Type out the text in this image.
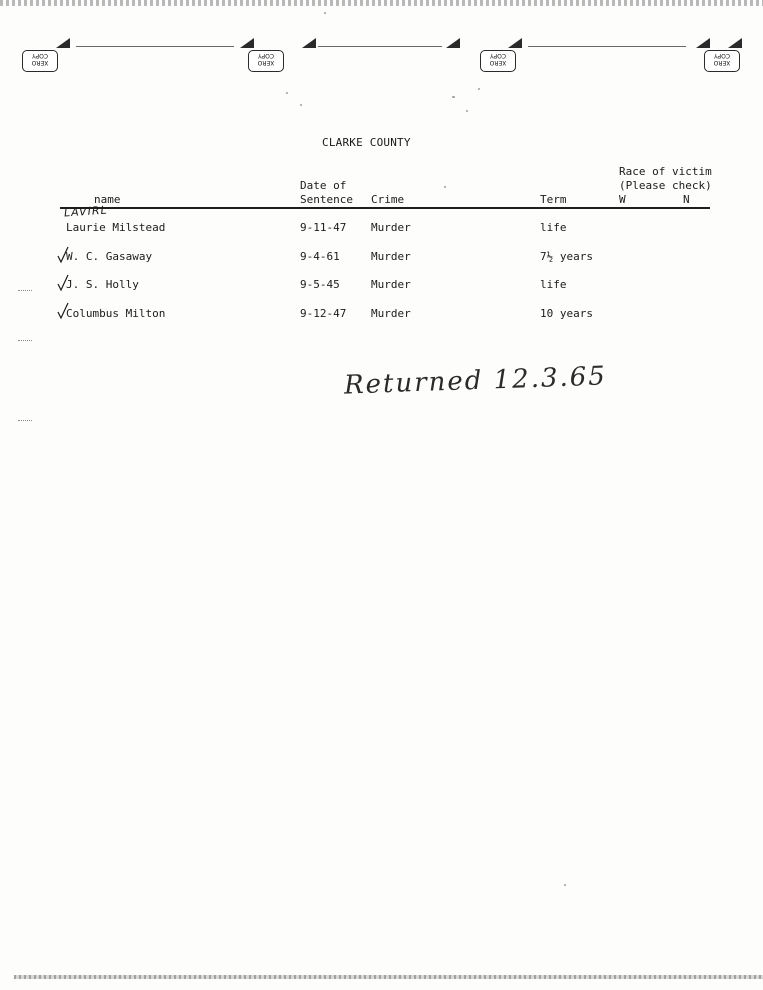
XERO COPY
XERO COPY
XERO COPY
XERO COPY
CLARKE COUNTY
name
Date of
Sentence Crime	Term
Race of victim
(Please check)
W	N
LAVIRL
Laurie Milstead	9-11-47 Murder	life
W. C. Gasaway	9-4-61	Murder	7½ years
J. S. Holly	9-5-45	Murder	life
Columbus Milton	9-12-47 Murder	10 years
Returned 12.3.65
